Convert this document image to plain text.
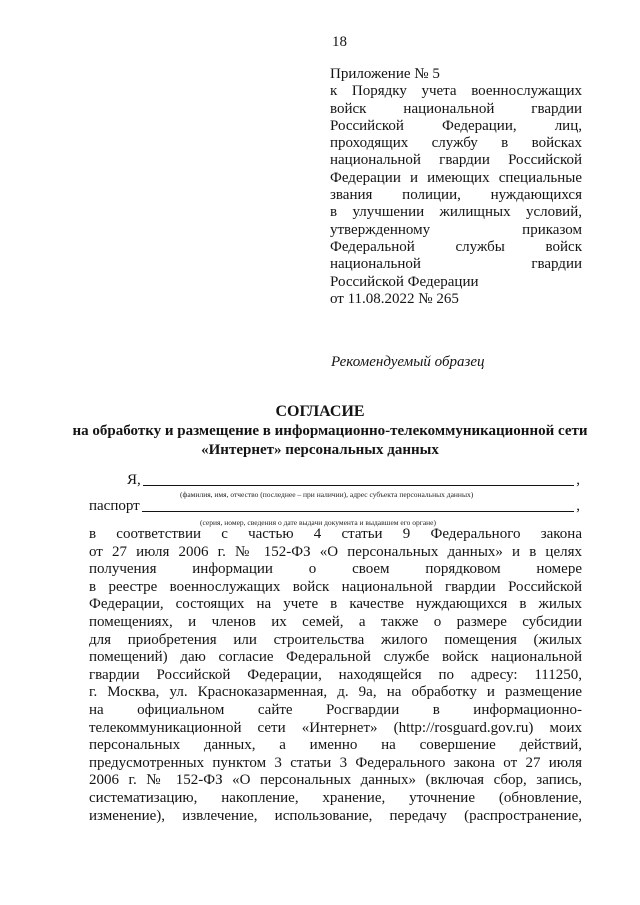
18
Приложение № 5
к Порядку учета военнослужащих
войск национальной гвардии
Российской Федерации, лиц,
проходящих службу в войсках
национальной гвардии Российской
Федерации и имеющих специальные
звания полиции, нуждающихся
в улучшении жилищных условий,
утвержденному приказом
Федеральной службы войск
национальной гвардии
Российской Федерации
от 11.08.2022 № 265
Рекомендуемый образец
СОГЛАСИЕ
на обработку и размещение в информационно-телекоммуникационной сети
«Интернет» персональных данных
Я,	,
(фамилия, имя, отчество (последнее – при наличии), адрес субъекта персональных данных)
паспорт	,
(серия, номер, сведения о дате выдачи документа и выдавшем его органе)
в соответствии с частью 4 статьи 9 Федерального закона
от 27 июля 2006 г. № 152-ФЗ «О персональных данных» и в целях
получения информации о своем порядковом номере
в реестре военнослужащих войск национальной гвардии Российской
Федерации, состоящих на учете в качестве нуждающихся в жилых
помещениях, и членов их семей, а также о размере субсидии
для приобретения или строительства жилого помещения (жилых
помещений) даю согласие Федеральной службе войск национальной
гвардии Российской Федерации, находящейся по адресу: 111250,
г. Москва, ул. Красноказарменная, д. 9а, на обработку и размещение
на официальном сайте Росгвардии в информационно-
телекоммуникационной сети «Интернет» (http://rosguard.gov.ru) моих
персональных данных, а именно на совершение действий,
предусмотренных пунктом 3 статьи 3 Федерального закона от 27 июля
2006 г. № 152-ФЗ «О персональных данных» (включая сбор, запись,
систематизацию, накопление, хранение, уточнение (обновление,
изменение), извлечение, использование, передачу (распространение,
